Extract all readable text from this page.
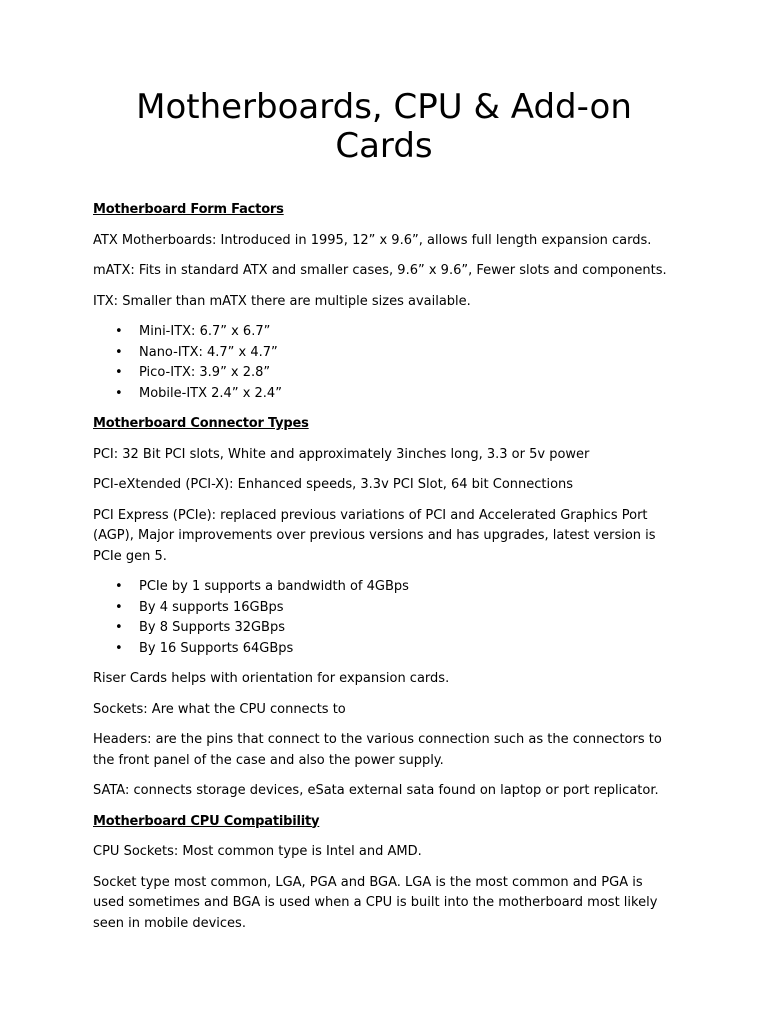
Motherboards, CPU & Add-on Cards
Motherboard Form Factors

ATX Motherboards: Introduced in 1995, 12” x 9.6”, allows full length expansion cards.

mATX: Fits in standard ATX and smaller cases, 9.6” x 9.6”, Fewer slots and components.

ITX: Smaller than mATX there are multiple sizes available.

• Mini-ITX: 6.7” x 6.7”
• Nano-ITX: 4.7” x 4.7”
• Pico-ITX: 3.9” x 2.8”
• Mobile-ITX 2.4” x 2.4”
Motherboard Connector Types

PCI: 32 Bit PCI slots, White and approximately 3inches long, 3.3 or 5v power

PCI-eXtended (PCI-X): Enhanced speeds, 3.3v PCI Slot, 64 bit Connections

PCI Express (PCIe): replaced previous variations of PCI and Accelerated Graphics Port (AGP), Major improvements over previous versions and has upgrades, latest version is PCIe gen 5.

• PCIe by 1 supports a bandwidth of 4GBps
• By 4 supports 16GBps
• By 8 Supports 32GBps
• By 16 Supports 64GBps

Riser Cards helps with orientation for expansion cards.

Sockets: Are what the CPU connects to

Headers: are the pins that connect to the various connection such as the connectors to the front panel of the case and also the power supply.

SATA: connects storage devices, eSata external sata found on laptop or port replicator.

Motherboard CPU Compatibility

CPU Sockets: Most common type is Intel and AMD.

Socket type most common, LGA, PGA and BGA. LGA is the most common and PGA is used sometimes and BGA is used when a CPU is built into the motherboard most likely seen in mobile devices.
